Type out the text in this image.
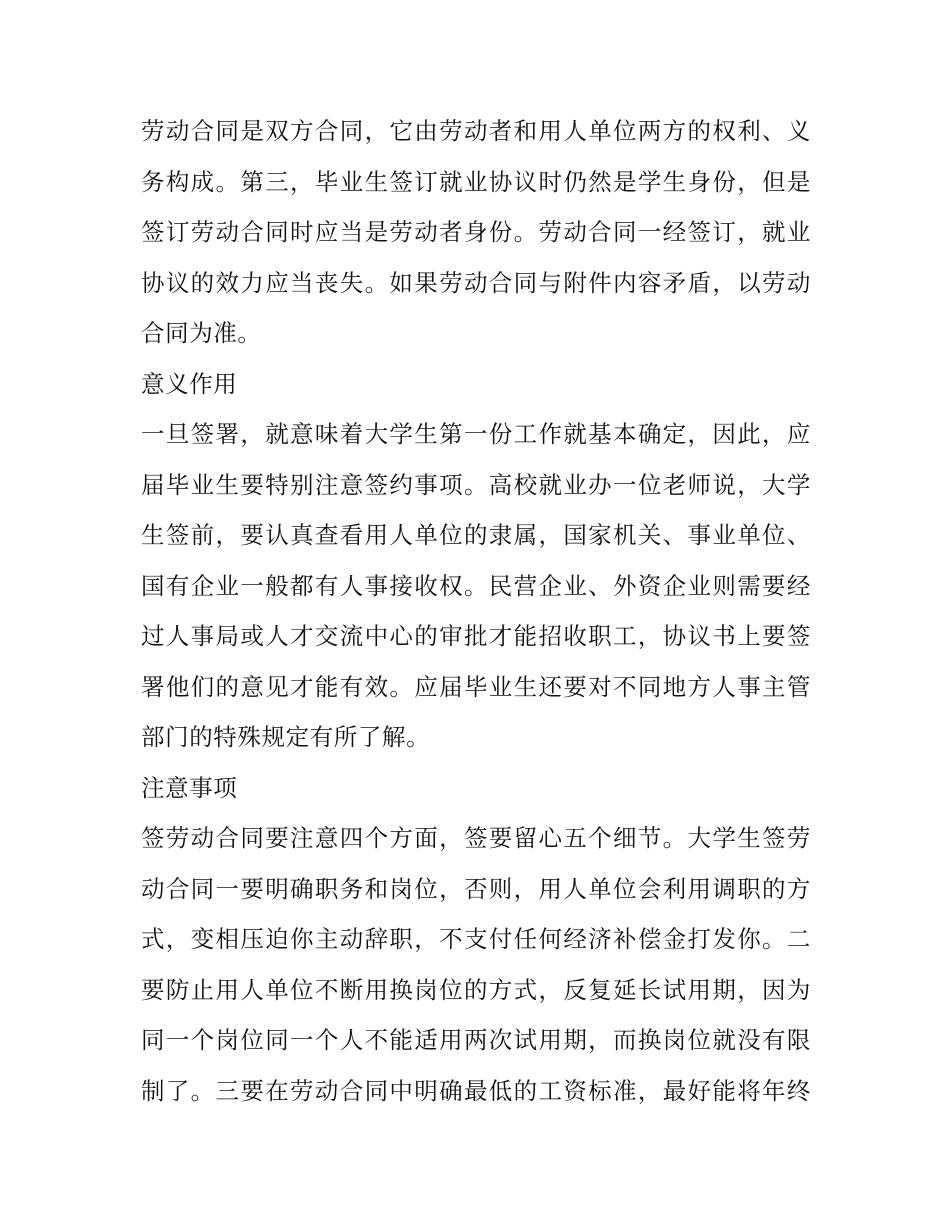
劳动合同是双方合同，它由劳动者和用人单位两方的权利、义
务构成。第三，毕业生签订就业协议时仍然是学生身份，但是
签订劳动合同时应当是劳动者身份。劳动合同一经签订，就业
协议的效力应当丧失。如果劳动合同与附件内容矛盾，以劳动
合同为准。
意义作用
一旦签署，就意味着大学生第一份工作就基本确定，因此，应
届毕业生要特别注意签约事项。高校就业办一位老师说，大学
生签前，要认真查看用人单位的隶属，国家机关、事业单位、
国有企业一般都有人事接收权。民营企业、外资企业则需要经
过人事局或人才交流中心的审批才能招收职工，协议书上要签
署他们的意见才能有效。应届毕业生还要对不同地方人事主管
部门的特殊规定有所了解。
注意事项
签劳动合同要注意四个方面，签要留心五个细节。大学生签劳
动合同一要明确职务和岗位，否则，用人单位会利用调职的方
式，变相压迫你主动辞职，不支付任何经济补偿金打发你。二
要防止用人单位不断用换岗位的方式，反复延长试用期，因为
同一个岗位同一个人不能适用两次试用期，而换岗位就没有限
制了。三要在劳动合同中明确最低的工资标准，最好能将年终
